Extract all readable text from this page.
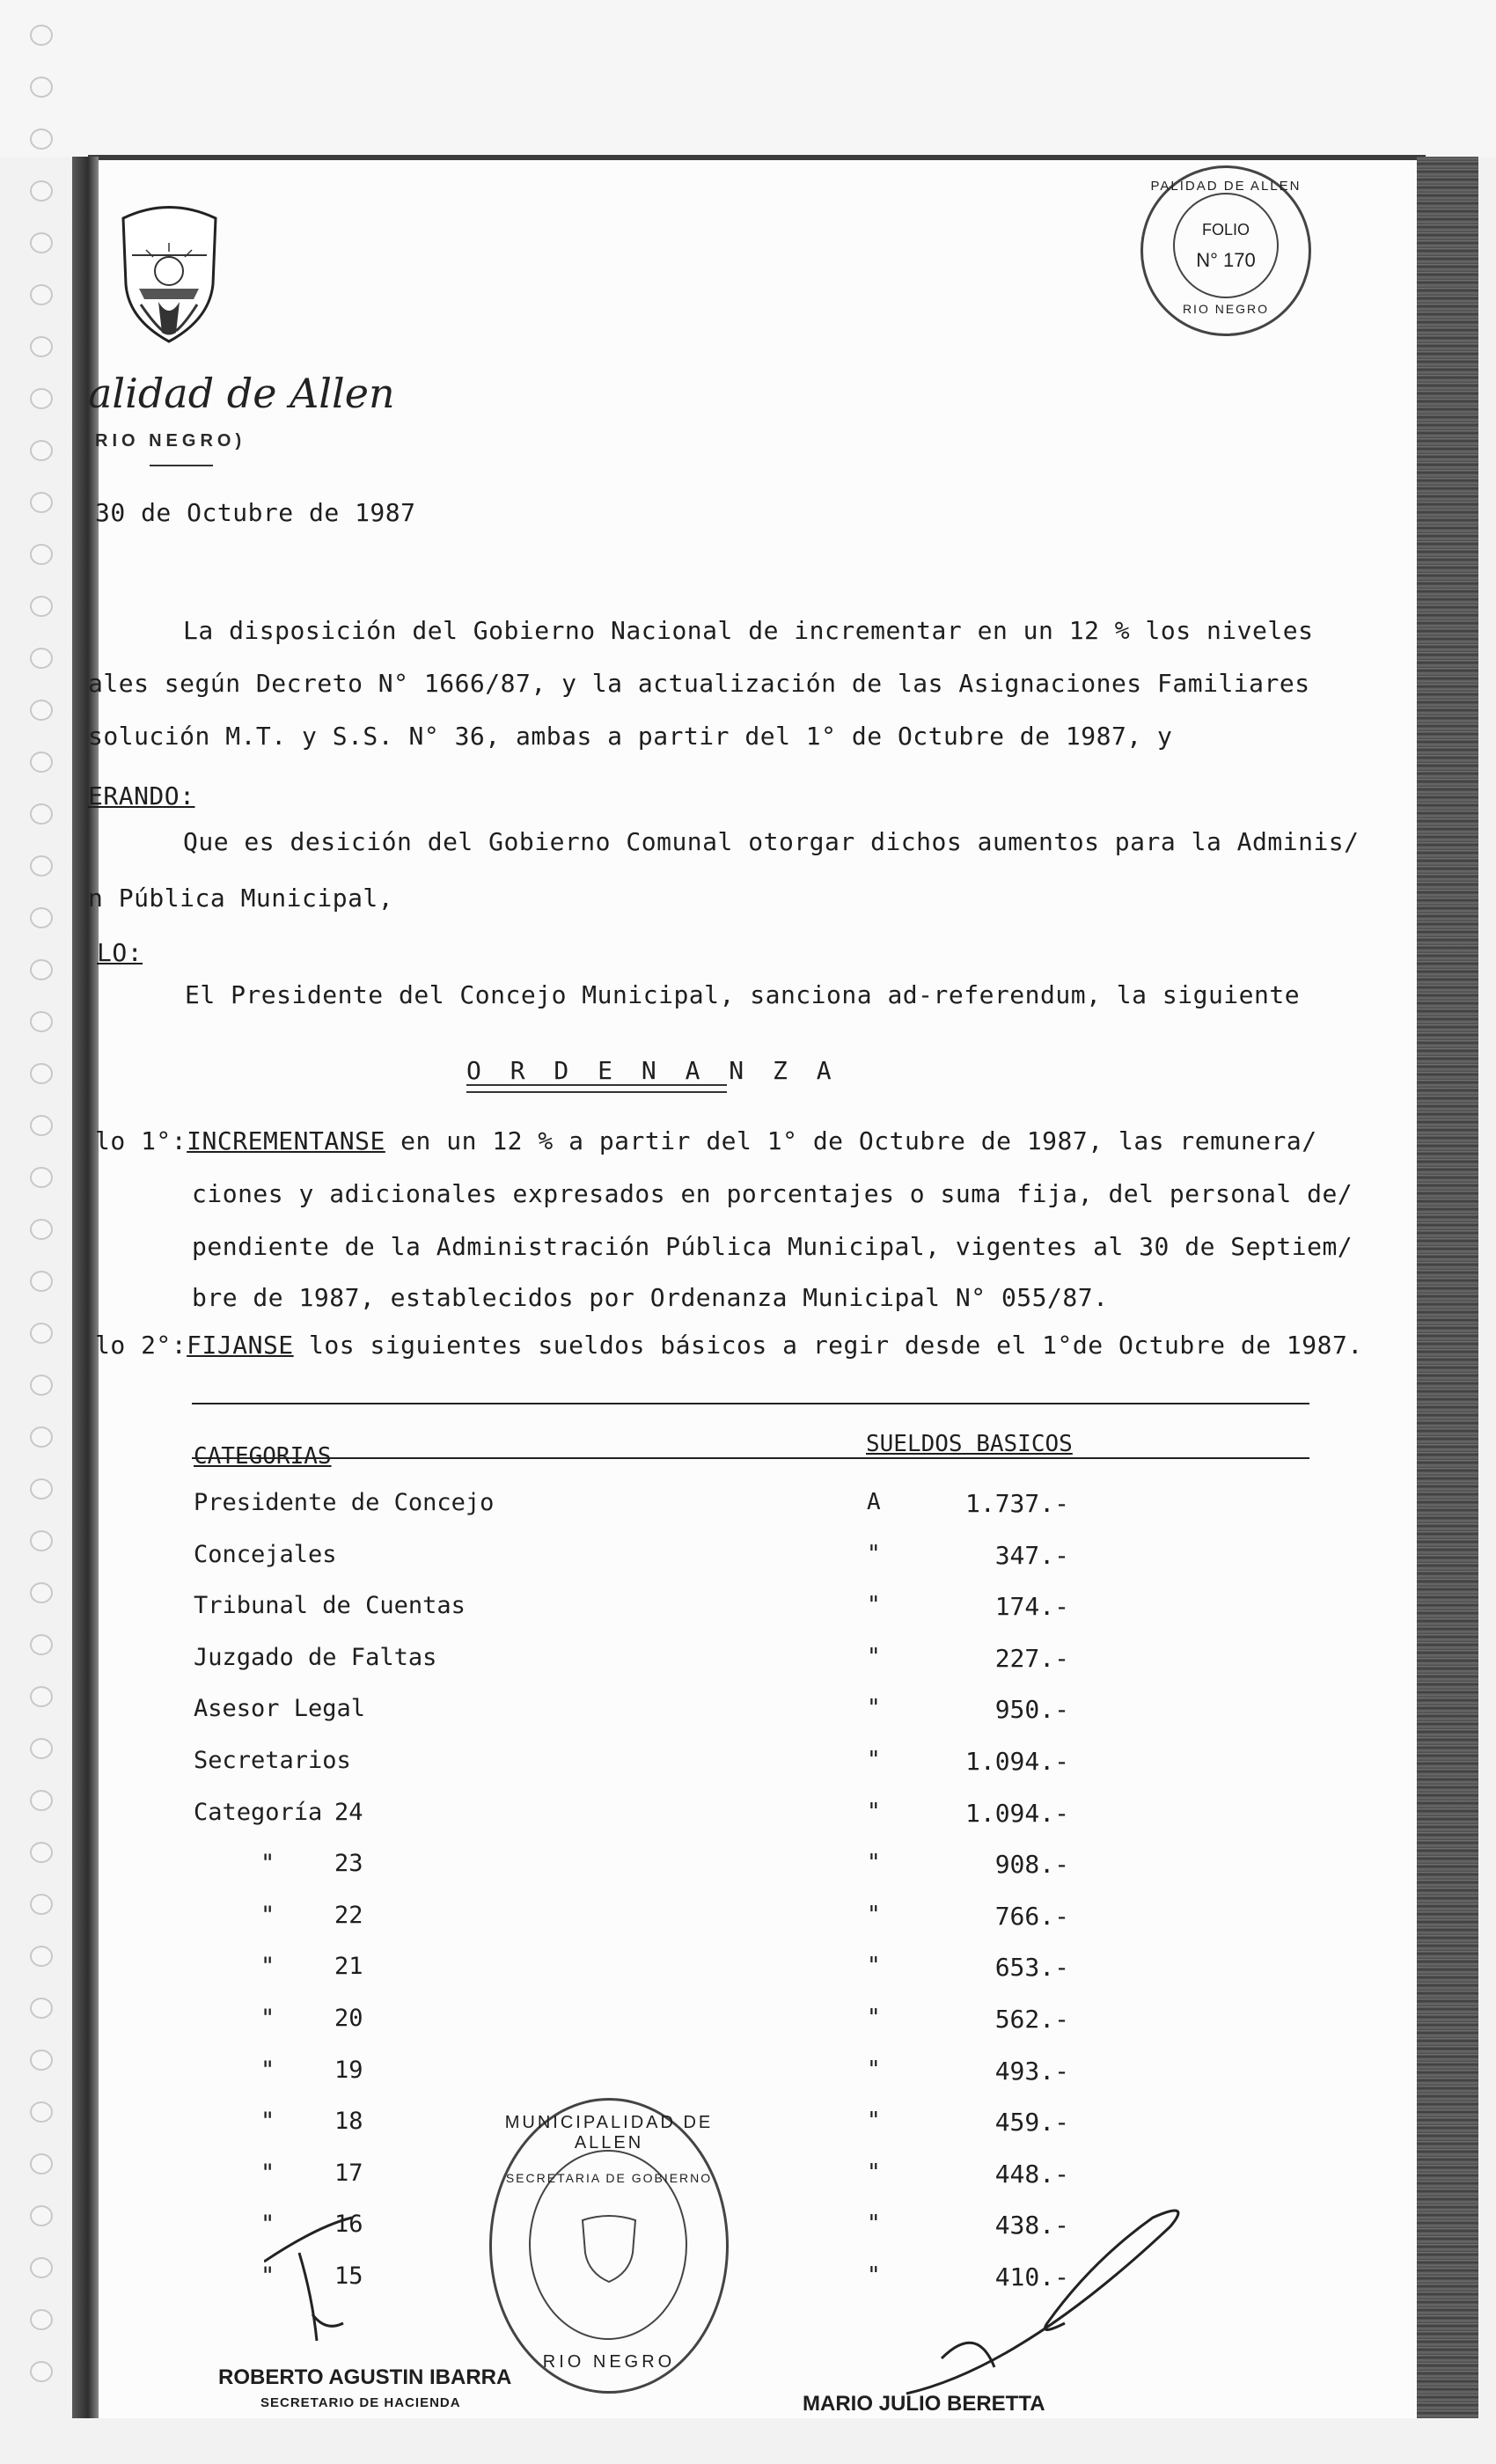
alidad de Allen
RIO NEGRO)
30 de Octubre de 1987
PALIDAD DE ALLEN
FOLIO
N° 170
RIO NEGRO
La disposición del Gobierno Nacional de incrementar en un 12 % los niveles
ales según Decreto N° 1666/87, y la actualización de las Asignaciones Familiares
solución M.T. y S.S. N° 36, ambas a partir del 1° de Octubre de 1987, y
ERANDO:
Que es desición del Gobierno Comunal otorgar dichos aumentos para la Adminis/
n Pública Municipal,
LO:
El Presidente del Concejo Municipal, sanciona ad-referendum, la siguiente
O R D E N A N Z A
lo 1°:INCREMENTANSE en un 12 % a partir del 1° de Octubre de 1987, las remunera/
ciones y adicionales expresados en porcentajes o suma fija, del personal de/
pendiente de la Administración Pública Municipal, vigentes al 30 de Septiem/
bre de 1987, establecidos por Ordenanza Municipal N° 055/87.
lo 2°:FIJANSE los siguientes sueldos básicos a regir desde el 1°de Octubre de 1987.
CATEGORIAS	SUELDOS BASICOS
Presidente de Concejo	A	1.737.-
Concejales	"	347.-
Tribunal de Cuentas	"	174.-
Juzgado de Faltas	"	227.-
Asesor Legal	"	950.-
Secretarios	"	1.094.-
Categoría 24	"	1.094.-
"	23	"	908.-
"	22	"	766.-
"	21	"	653.-
"	20	"	562.-
"	19	"	493.-
"	18	"	459.-
"	17	"	448.-
"	16	"	438.-
"	15	"	410.-
MUNICIPALIDAD DE ALLEN
SECRETARIA DE GOBIERNO
RIO NEGRO
ROBERTO AGUSTIN IBARRA
SECRETARIO DE HACIENDA	MARIO JULIO BERETTA
